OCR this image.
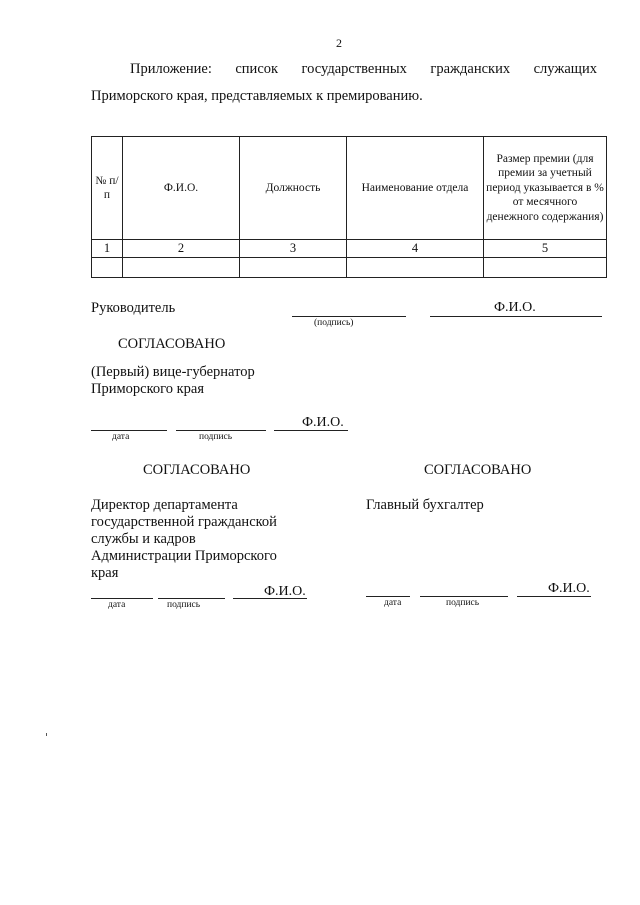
2
Приложение: список государственных гражданских служащих
Приморского края, представляемых к премированию.
№ п/п	Ф.И.О.	Должность	Наименование отдела	Размер премии (для премии за учетный период указывается в % от месячного денежного содержания)
1	2	3	4	5

Руководитель
(подпись)
Ф.И.О.
СОГЛАСОВАНО
(Первый) вице-губернатор
Приморского края
дата	подпись
Ф.И.О.
СОГЛАСОВАНО
Директор департамента
государственной гражданской
службы и кадров
Администрации Приморского
края
дата	подпись
Ф.И.О.
СОГЛАСОВАНО
Главный бухгалтер
дата	подпись
Ф.И.О.
